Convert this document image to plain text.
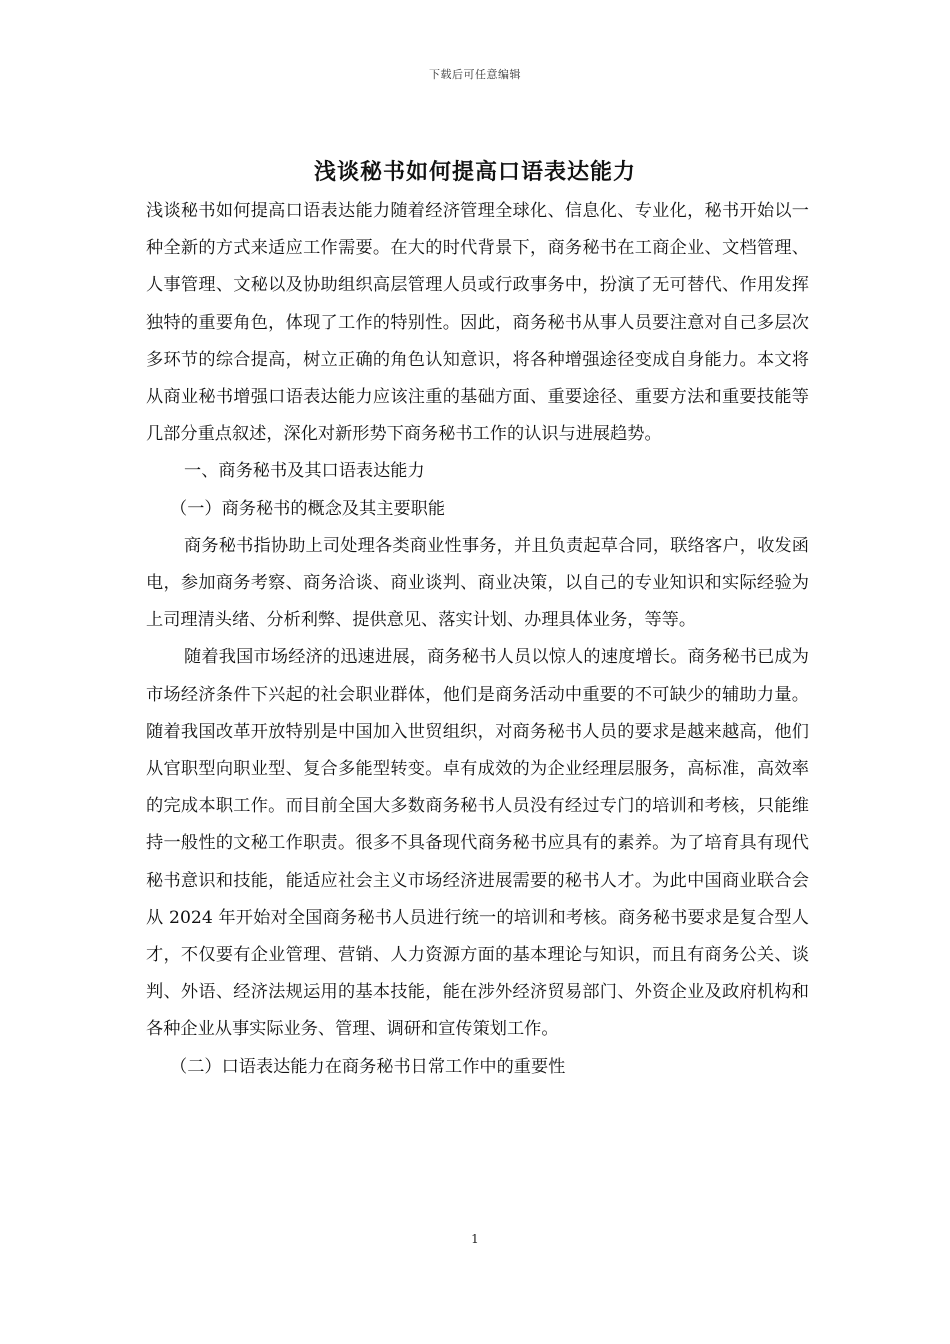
下载后可任意编辑
浅谈秘书如何提高口语表达能力

浅谈秘书如何提高口语表达能力随着经济管理全球化、信息化、专业化，秘书开始以一种全新的方式来适应工作需要。在大的时代背景下，商务秘书在工商企业、文档管理、人事管理、文秘以及协助组织高层管理人员或行政事务中，扮演了无可替代、作用发挥独特的重要角色，体现了工作的特别性。因此，商务秘书从事人员要注意对自己多层次多环节的综合提高，树立正确的角色认知意识，将各种增强途径变成自身能力。本文将从商业秘书增强口语表达能力应该注重的基础方面、重要途径、重要方法和重要技能等几部分重点叙述，深化对新形势下商务秘书工作的认识与进展趋势。

一、商务秘书及其口语表达能力

（一）商务秘书的概念及其主要职能

商务秘书指协助上司处理各类商业性事务，并且负责起草合同，联络客户，收发函电，参加商务考察、商务洽谈、商业谈判、商业决策，以自己的专业知识和实际经验为上司理清头绪、分析利弊、提供意见、落实计划、办理具体业务，等等。

随着我国市场经济的迅速进展，商务秘书人员以惊人的速度增长。商务秘书已成为市场经济条件下兴起的社会职业群体，他们是商务活动中重要的不可缺少的辅助力量。随着我国改革开放特别是中国加入世贸组织，对商务秘书人员的要求是越来越高，他们从官职型向职业型、复合多能型转变。卓有成效的为企业经理层服务，高标准，高效率的完成本职工作。而目前全国大多数商务秘书人员没有经过专门的培训和考核，只能维持一般性的文秘工作职责。很多不具备现代商务秘书应具有的素养。为了培育具有现代秘书意识和技能，能适应社会主义市场经济进展需要的秘书人才。为此中国商业联合会从 2024 年开始对全国商务秘书人员进行统一的培训和考核。商务秘书要求是复合型人才，不仅要有企业管理、营销、人力资源方面的基本理论与知识，而且有商务公关、谈判、外语、经济法规运用的基本技能，能在涉外经济贸易部门、外资企业及政府机构和各种企业从事实际业务、管理、调研和宣传策划工作。

（二）口语表达能力在商务秘书日常工作中的重要性

1
